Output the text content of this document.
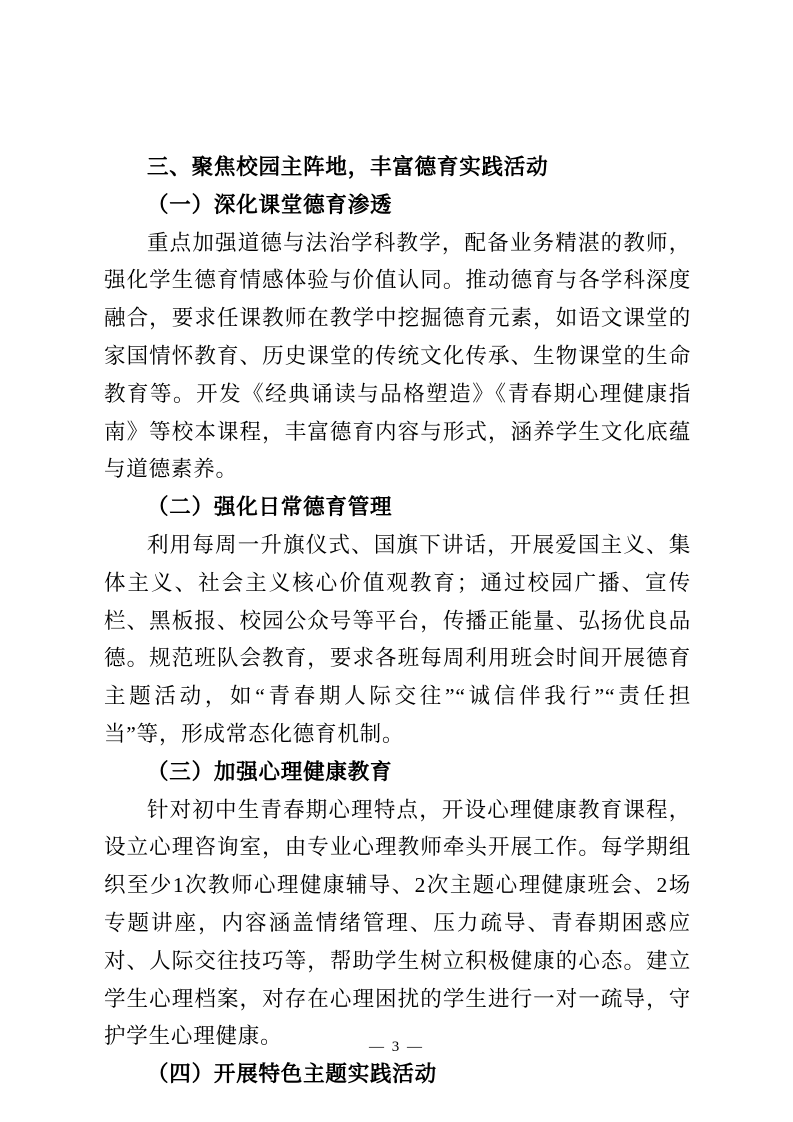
三、聚焦校园主阵地，丰富德育实践活动

（一）深化课堂德育渗透

重点加强道德与法治学科教学，配备业务精湛的教师，强化学生德育情感体验与价值认同。推动德育与各学科深度融合，要求任课教师在教学中挖掘德育元素，如语文课堂的家国情怀教育、历史课堂的传统文化传承、生物课堂的生命教育等。开发《经典诵读与品格塑造》《青春期心理健康指南》等校本课程，丰富德育内容与形式，涵养学生文化底蕴与道德素养。

（二）强化日常德育管理

利用每周一升旗仪式、国旗下讲话，开展爱国主义、集体主义、社会主义核心价值观教育；通过校园广播、宣传栏、黑板报、校园公众号等平台，传播正能量、弘扬优良品德。规范班队会教育，要求各班每周利用班会时间开展德育主题活动，如“青春期人际交往”“诚信伴我行”“责任担当”等，形成常态化德育机制。

（三）加强心理健康教育

针对初中生青春期心理特点，开设心理健康教育课程，设立心理咨询室，由专业心理教师牵头开展工作。每学期组织至少1次教师心理健康辅导、2次主题心理健康班会、2场专题讲座，内容涵盖情绪管理、压力疏导、青春期困惑应对、人际交往技巧等，帮助学生树立积极健康的心态。建立学生心理档案，对存在心理困扰的学生进行一对一疏导，守护学生心理健康。

（四）开展特色主题实践活动

— 3 —
